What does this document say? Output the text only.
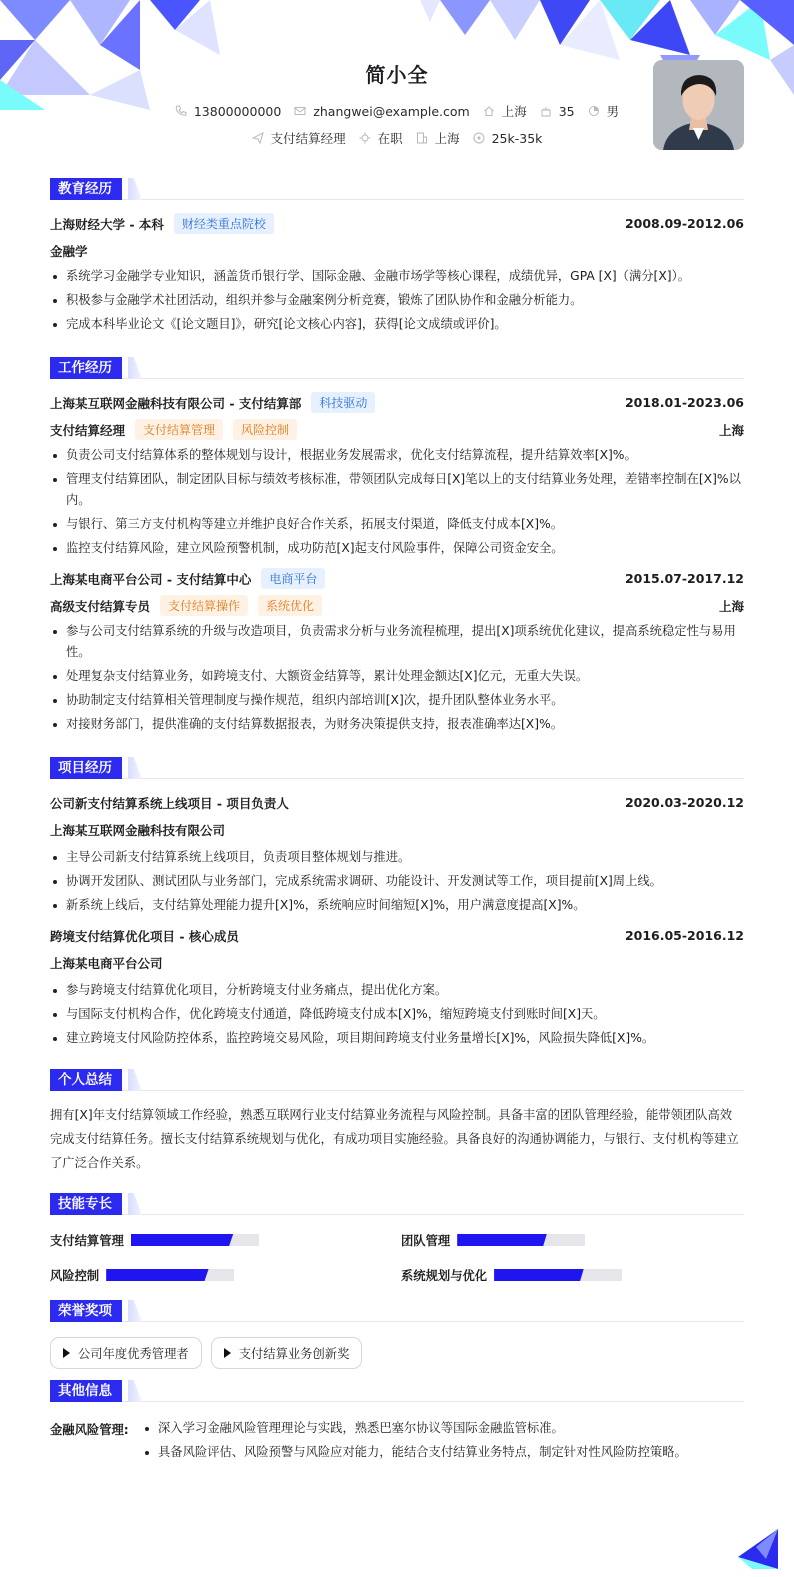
简小全
13800000000	zhangwei@example.com	上海	35	男
支付结算经理	在职	上海	25k-35k
教育经历
上海财经大学 - 本科	财经类重点院校	2008.09-2012.06
金融学
系统学习金融学专业知识，涵盖货币银行学、国际金融、金融市场学等核心课程，成绩优异，GPA [X]（满分[X]）。
积极参与金融学术社团活动，组织并参与金融案例分析竞赛，锻炼了团队协作和金融分析能力。
完成本科毕业论文《[论文题目]》，研究[论文核心内容]，获得[论文成绩或评价]。
工作经历
上海某互联网金融科技有限公司 - 支付结算部	科技驱动	2018.01-2023.06
支付结算经理	支付结算管理	风险控制	上海
负责公司支付结算体系的整体规划与设计，根据业务发展需求，优化支付结算流程，提升结算效率[X]%。
管理支付结算团队，制定团队目标与绩效考核标准，带领团队完成每日[X]笔以上的支付结算业务处理，差错率控制在[X]%以内。
与银行、第三方支付机构等建立并维护良好合作关系，拓展支付渠道，降低支付成本[X]%。
监控支付结算风险，建立风险预警机制，成功防范[X]起支付风险事件，保障公司资金安全。
上海某电商平台公司 - 支付结算中心	电商平台	2015.07-2017.12
高级支付结算专员	支付结算操作	系统优化	上海
参与公司支付结算系统的升级与改造项目，负责需求分析与业务流程梳理，提出[X]项系统优化建议，提高系统稳定性与易用性。
处理复杂支付结算业务，如跨境支付、大额资金结算等，累计处理金额达[X]亿元，无重大失误。
协助制定支付结算相关管理制度与操作规范，组织内部培训[X]次，提升团队整体业务水平。
对接财务部门，提供准确的支付结算数据报表，为财务决策提供支持，报表准确率达[X]%。
项目经历
公司新支付结算系统上线项目 - 项目负责人	2020.03-2020.12
上海某互联网金融科技有限公司
主导公司新支付结算系统上线项目，负责项目整体规划与推进。
协调开发团队、测试团队与业务部门，完成系统需求调研、功能设计、开发测试等工作，项目提前[X]周上线。
新系统上线后，支付结算处理能力提升[X]%，系统响应时间缩短[X]%，用户满意度提高[X]%。
跨境支付结算优化项目 - 核心成员	2016.05-2016.12
上海某电商平台公司
参与跨境支付结算优化项目，分析跨境支付业务痛点，提出优化方案。
与国际支付机构合作，优化跨境支付通道，降低跨境支付成本[X]%，缩短跨境支付到账时间[X]天。
建立跨境支付风险防控体系，监控跨境交易风险，项目期间跨境支付业务量增长[X]%，风险损失降低[X]%。
个人总结

拥有[X]年支付结算领域工作经验，熟悉互联网行业支付结算业务流程与风险控制。具备丰富的团队管理经验，能带领团队高效完成支付结算任务。擅长支付结算系统规划与优化，有成功项目实施经验。具备良好的沟通协调能力，与银行、支付机构等建立了广泛合作关系。

技能专长
支付结算管理	团队管理
风险控制	系统规划与优化
荣誉奖项
公司年度优秀管理者	支付结算业务创新奖
其他信息
金融风险管理:	深入学习金融风险管理理论与实践，熟悉巴塞尔协议等国际金融监管标准。
具备风险评估、风险预警与风险应对能力，能结合支付结算业务特点，制定针对性风险防控策略。
